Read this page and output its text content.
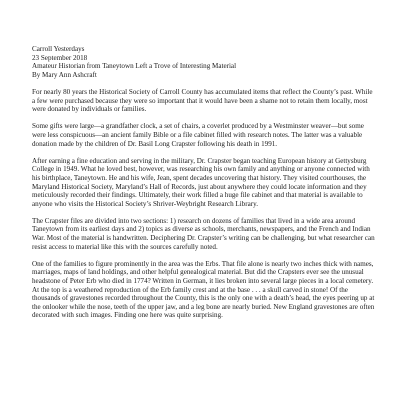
Carroll Yesterdays
23 September 2018
Amateur Historian from Taneytown Left a Trove of Interesting Material
By Mary Ann Ashcraft

For nearly 80 years the Historical Society of Carroll County has accumulated items that reflect the County’s past. While a few were purchased because they were so important that it would have been a shame not to retain them locally, most were donated by individuals or families.

Some gifts were large—a grandfather clock, a set of chairs, a coverlet produced by a Westminster weaver—but some were less conspicuous—an ancient family Bible or a file cabinet filled with research notes. The latter was a valuable donation made by the children of Dr. Basil Long Crapster following his death in 1991.

After earning a fine education and serving in the military, Dr. Crapster began teaching European history at Gettysburg College in 1949. What he loved best, however, was researching his own family and anything or anyone connected with his birthplace, Taneytown. He and his wife, Jean, spent decades uncovering that history. They visited courthouses, the Maryland Historical Society, Maryland’s Hall of Records, just about anywhere they could locate information and they meticulously recorded their findings. Ultimately, their work filled a huge file cabinet and that material is available to anyone who visits the Historical Society’s Shriver-Weybright Research Library.

The Crapster files are divided into two sections: 1) research on dozens of families that lived in a wide area around Taneytown from its earliest days and 2) topics as diverse as schools, merchants, newspapers, and the French and Indian War. Most of the material is handwritten. Deciphering Dr. Crapster’s writing can be challenging, but what researcher can resist access to material like this with the sources carefully noted.

One of the families to figure prominently in the area was the Erbs. That file alone is nearly two inches thick with names, marriages, maps of land holdings, and other helpful genealogical material. But did the Crapsters ever see the unusual headstone of Peter Erb who died in 1774? Written in German, it lies broken into several large pieces in a local cemetery. At the top is a weathered reproduction of the Erb family crest and at the base . . . a skull carved in stone! Of the thousands of gravestones recorded throughout the County, this is the only one with a death’s head, the eyes peering up at the onlooker while the nose, teeth of the upper jaw, and a leg bone are nearly buried. New England gravestones are often decorated with such images. Finding one here was quite surprising.
